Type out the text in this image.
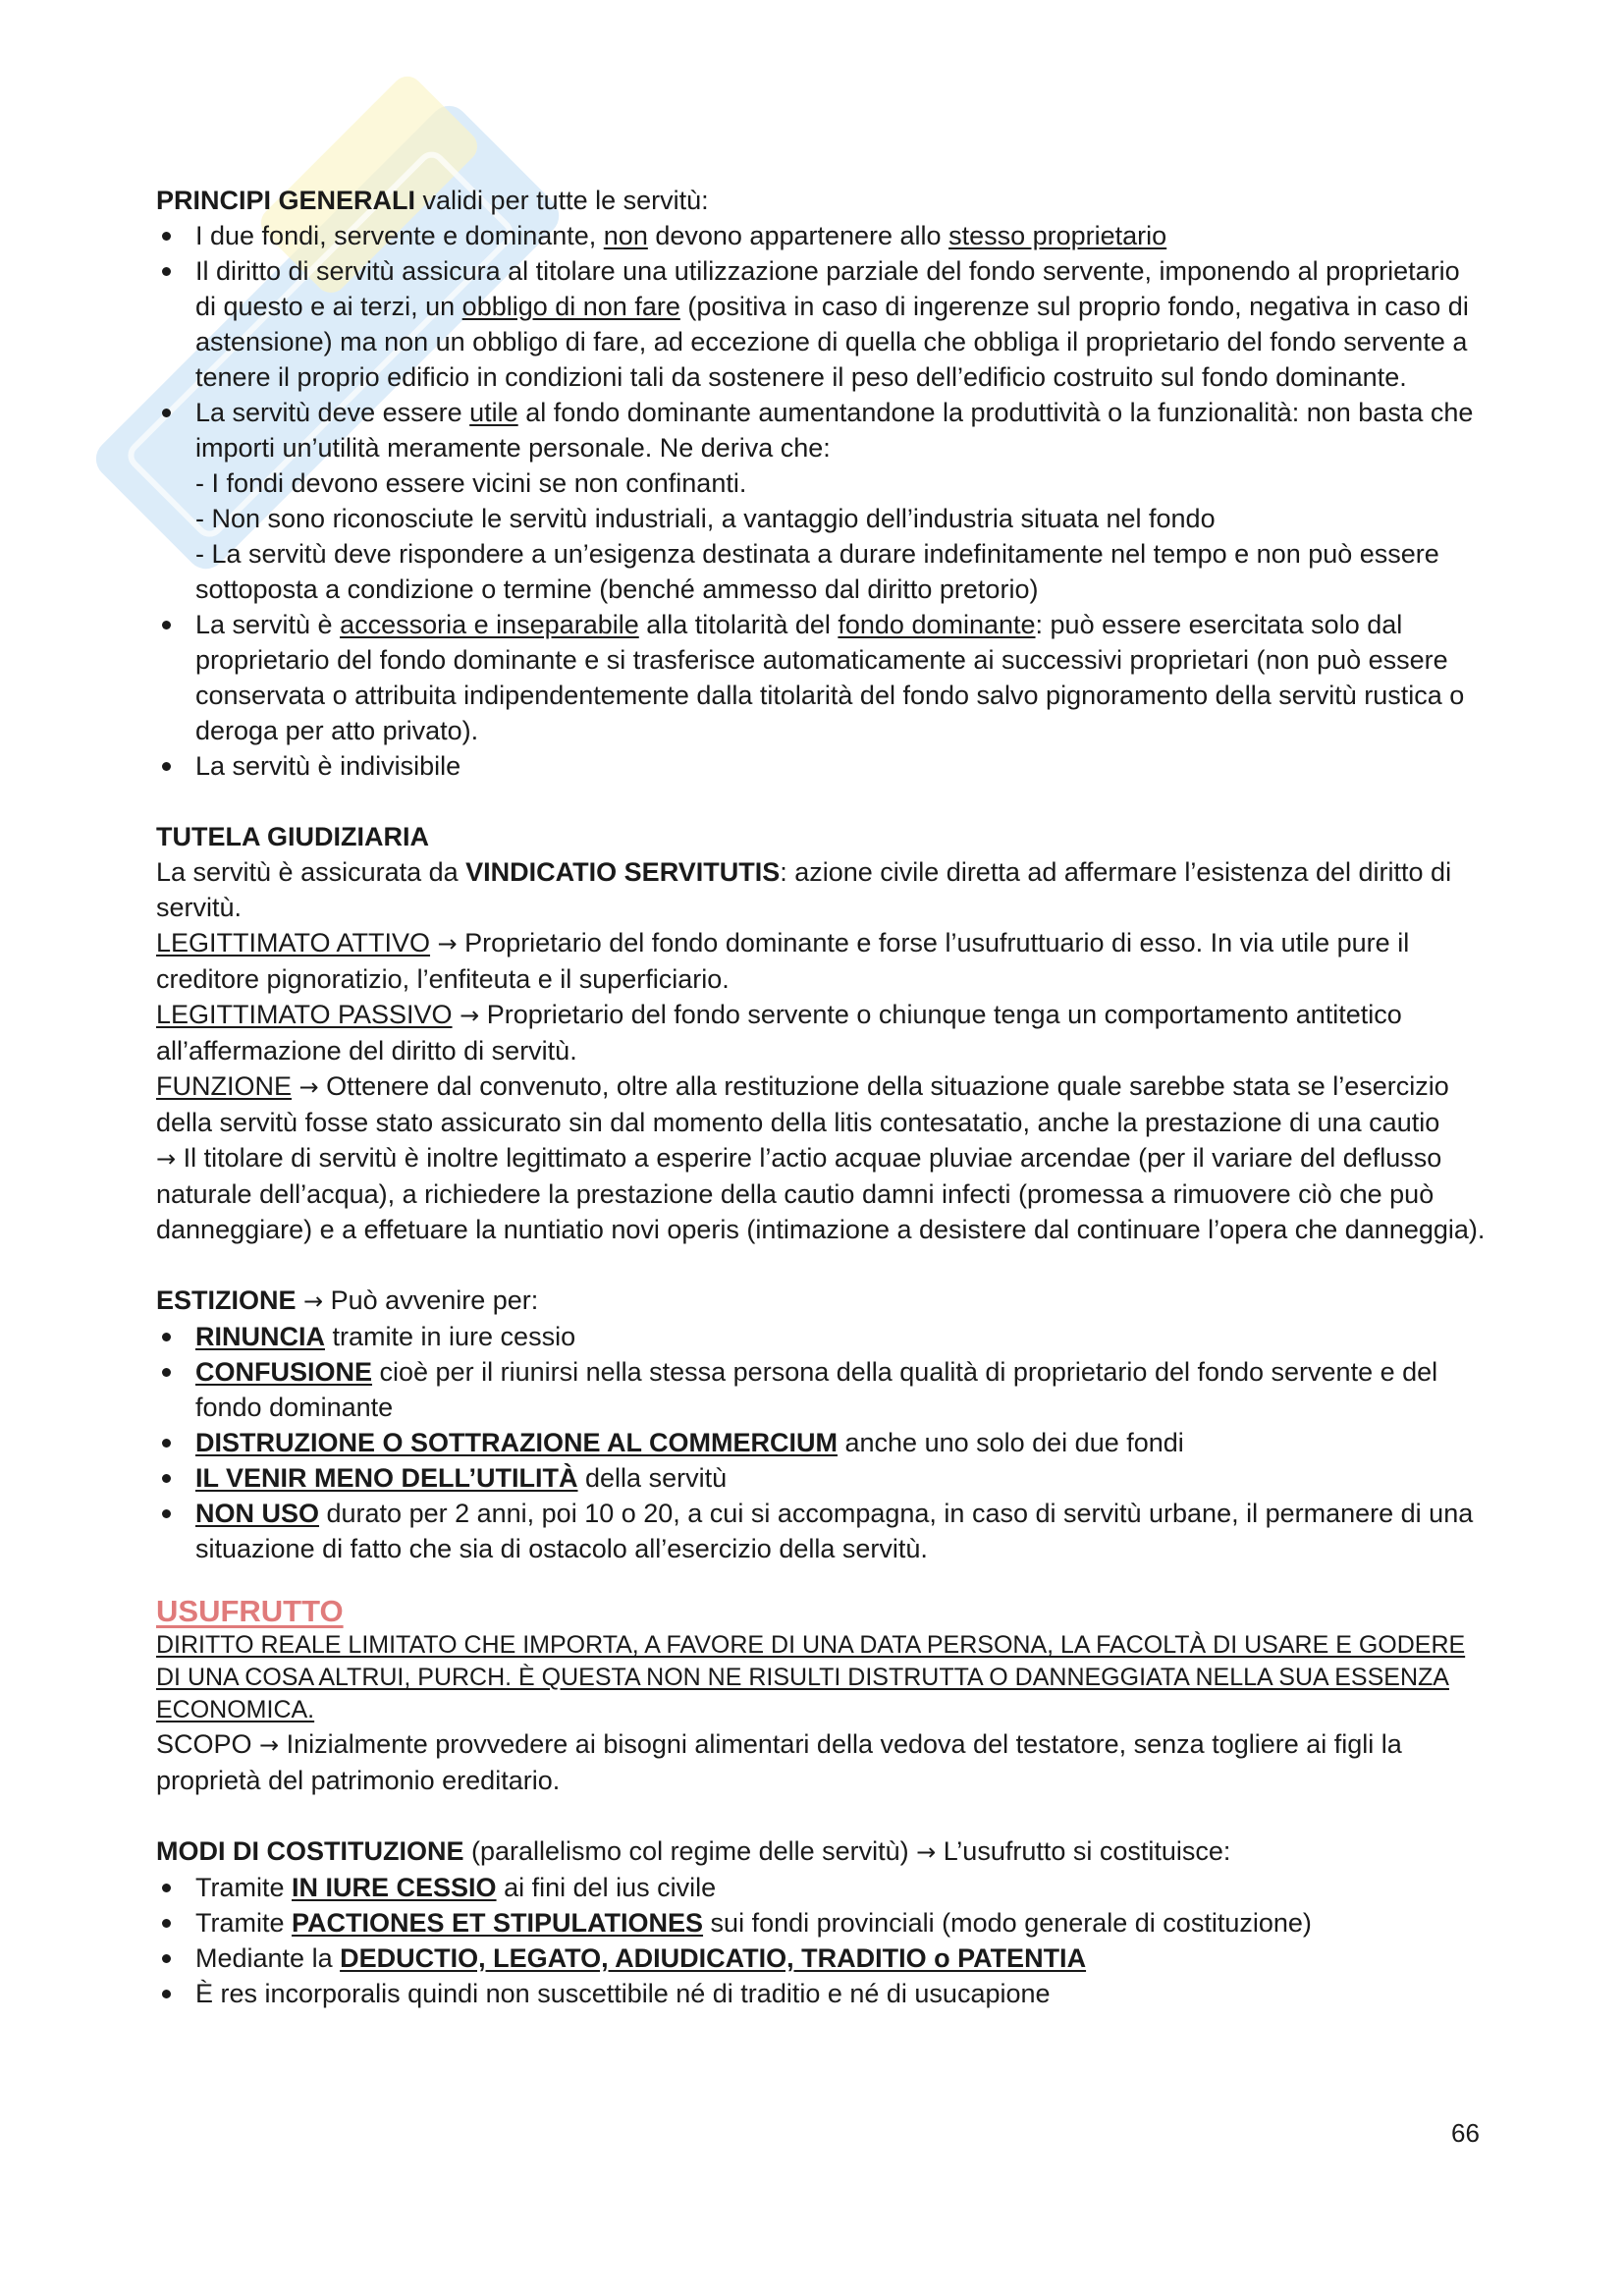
PRINCIPI GENERALI validi per tutte le servitù:

I due fondi, servente e dominante, non devono appartenere allo stesso proprietario
Il diritto di servitù assicura al titolare una utilizzazione parziale del fondo servente, imponendo al proprietario di questo e ai terzi, un obbligo di non fare (positiva in caso di ingerenze sul proprio fondo, negativa in caso di astensione) ma non un obbligo di fare, ad eccezione di quella che obbliga il proprietario del fondo servente a tenere il proprio edificio in condizioni tali da sostenere il peso dell’edificio costruito sul fondo dominante.
La servitù deve essere utile al fondo dominante aumentandone la produttività o la funzionalità: non basta che importi un’utilità meramente personale. Ne deriva che:
- I fondi devono essere vicini se non confinanti.
- Non sono riconosciute le servitù industriali, a vantaggio dell’industria situata nel fondo
- La servitù deve rispondere a un’esigenza destinata a durare indefinitamente nel tempo e non può essere sottoposta a condizione o termine (benché ammesso dal diritto pretorio)
La servitù è accessoria e inseparabile alla titolarità del fondo dominante: può essere esercitata solo dal proprietario del fondo dominante e si trasferisce automaticamente ai successivi proprietari (non può essere conservata o attribuita indipendentemente dalla titolarità del fondo salvo pignoramento della servitù rustica o deroga per atto privato).
La servitù è indivisibile

TUTELA GIUDIZIARIA

La servitù è assicurata da VINDICATIO SERVITUTIS: azione civile diretta ad affermare l’esistenza del diritto di servitù.

LEGITTIMATO ATTIVO → Proprietario del fondo dominante e forse l’usufruttuario di esso. In via utile pure il creditore pignoratizio, l’enfiteuta e il superficiario.

LEGITTIMATO PASSIVO → Proprietario del fondo servente o chiunque tenga un comportamento antitetico all’affermazione del diritto di servitù.

FUNZIONE → Ottenere dal convenuto, oltre alla restituzione della situazione quale sarebbe stata se l’esercizio della servitù fosse stato assicurato sin dal momento della litis contesatatio, anche la prestazione di una cautio

→ Il titolare di servitù è inoltre legittimato a esperire l’actio acquae pluviae arcendae (per il variare del deflusso naturale dell’acqua), a richiedere la prestazione della cautio damni infecti (promessa a rimuovere ciò che può danneggiare) e a effetuare la nuntiatio novi operis (intimazione a desistere dal continuare l’opera che danneggia).

ESTIZIONE → Può avvenire per:

RINUNCIA tramite in iure cessio
CONFUSIONE cioè per il riunirsi nella stessa persona della qualità di proprietario del fondo servente e del fondo dominante
DISTRUZIONE O SOTTRAZIONE AL COMMERCIUM anche uno solo dei due fondi
IL VENIR MENO DELL’UTILITÀ della servitù
NON USO durato per 2 anni, poi 10 o 20, a cui si accompagna, in caso di servitù urbane, il permanere di una situazione di fatto che sia di ostacolo all’esercizio della servitù.

USUFRUTTO

DIRITTO REALE LIMITATO CHE IMPORTA, A FAVORE DI UNA DATA PERSONA, LA FACOLTÀ DI USARE E GODERE DI UNA COSA ALTRUI, PURCH. È QUESTA NON NE RISULTI DISTRUTTA O DANNEGGIATA NELLA SUA ESSENZA ECONOMICA.

SCOPO → Inizialmente provvedere ai bisogni alimentari della vedova del testatore, senza togliere ai figli la proprietà del patrimonio ereditario.

MODI DI COSTITUZIONE (parallelismo col regime delle servitù) → L’usufrutto si costituisce:

Tramite IN IURE CESSIO ai fini del ius civile
Tramite PACTIONES ET STIPULATIONES sui fondi provinciali (modo generale di costituzione)
Mediante la DEDUCTIO, LEGATO, ADIUDICATIO, TRADITIO o PATENTIA
È res incorporalis quindi non suscettibile né di traditio e né di usucapione
66
